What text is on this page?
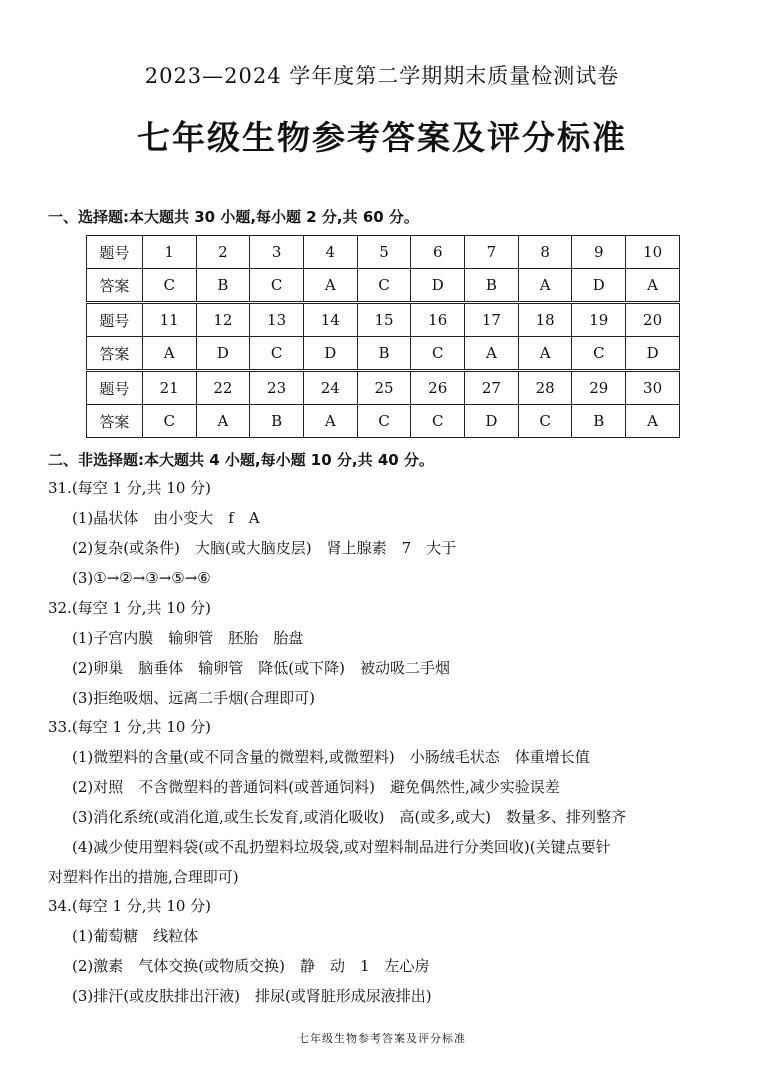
2023—2024 学年度第二学期期末质量检测试卷
七年级生物参考答案及评分标准
一、选择题:本大题共 30 小题,每小题 2 分,共 60 分。
题号	1	2	3	4	5	6	7	8	9	10
答案	C	B	C	A	C	D	B	A	D	A
题号	11	12	13	14	15	16	17	18	19	20
答案	A	D	C	D	B	C	A	A	C	D
题号	21	22	23	24	25	26	27	28	29	30
答案	C	A	B	A	C	C	D	C	B	A
二、非选择题:本大题共 4 小题,每小题 10 分,共 40 分。
31.(每空 1 分,共 10 分)
(1)晶状体　由小变大　f　A
(2)复杂(或条件)　大脑(或大脑皮层)　肾上腺素　7　大于
(3)①→②→③→⑤→⑥
32.(每空 1 分,共 10 分)
(1)子宫内膜　输卵管　胚胎　胎盘
(2)卵巢　脑垂体　输卵管　降低(或下降)　被动吸二手烟
(3)拒绝吸烟、远离二手烟(合理即可)
33.(每空 1 分,共 10 分)
(1)微塑料的含量(或不同含量的微塑料,或微塑料)　小肠绒毛状态　体重增长值
(2)对照　不含微塑料的普通饲料(或普通饲料)　避免偶然性,减少实验误差
(3)消化系统(或消化道,或生长发育,或消化吸收)　高(或多,或大)　数量多、排列整齐
(4)减少使用塑料袋(或不乱扔塑料垃圾袋,或对塑料制品进行分类回收)(关键点要针
对塑料作出的措施,合理即可)
34.(每空 1 分,共 10 分)
(1)葡萄糖　线粒体
(2)激素　气体交换(或物质交换)　静　动　1　左心房
(3)排汗(或皮肤排出汗液)　排尿(或肾脏形成尿液排出)
七年级生物参考答案及评分标准
